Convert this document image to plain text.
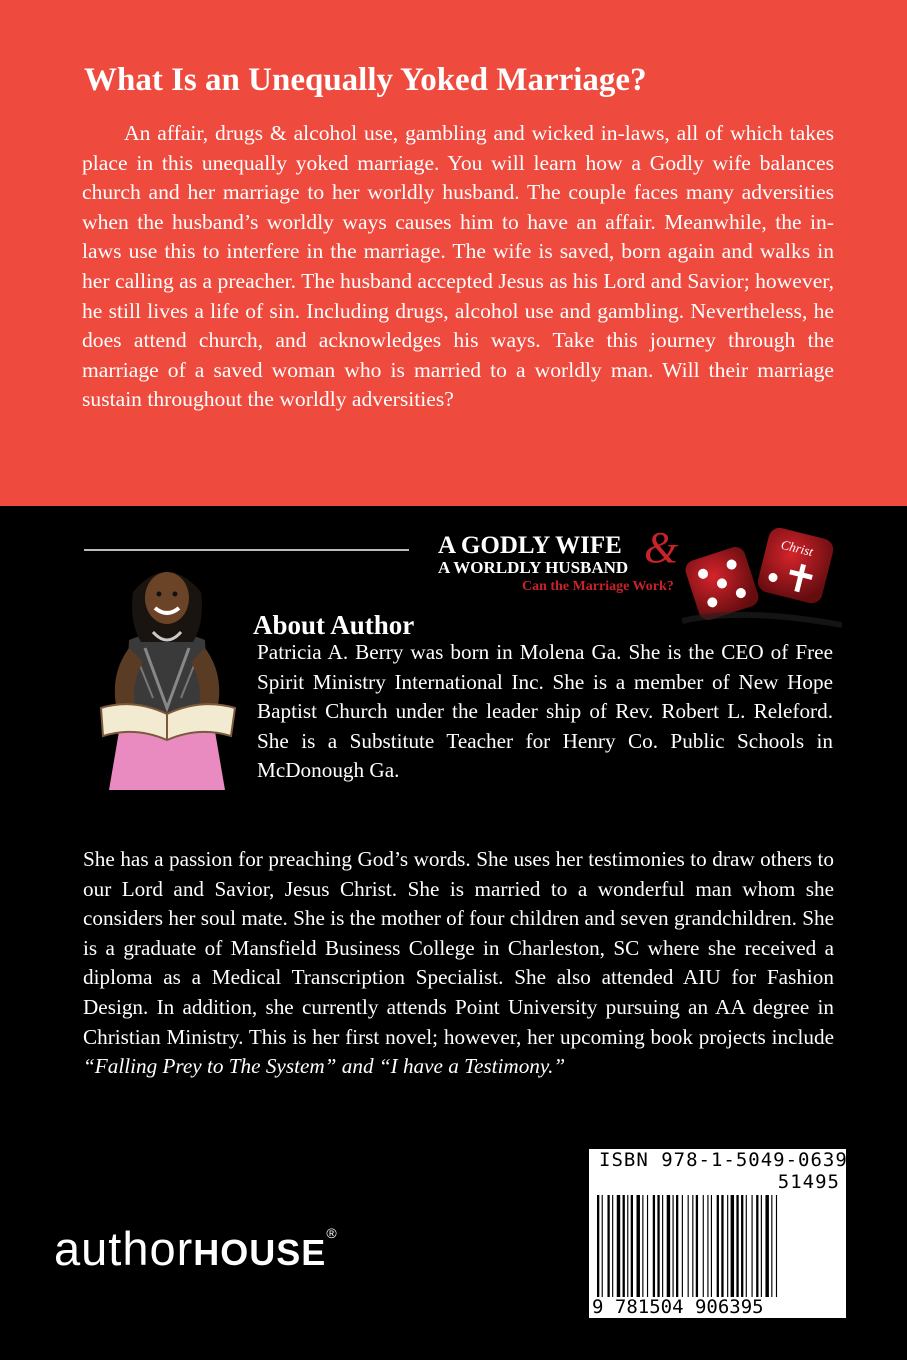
What Is an Unequally Yoked Marriage?

An affair, drugs & alcohol use, gambling and wicked in-laws, all of which takes place in this unequally yoked marriage. You will learn how a Godly wife balances church and her marriage to her worldly husband. The couple faces many adversities when the husband’s worldly ways causes him to have an affair. Meanwhile, the in-laws use this to interfere in the marriage. The wife is saved, born again and walks in her calling as a preacher. The husband accepted Jesus as his Lord and Savior; however, he still lives a life of sin. Including drugs, alcohol use and gambling. Nevertheless, he does attend church, and acknowledges his ways. Take this journey through the marriage of a saved woman who is married to a worldly man. Will their marriage sustain throughout the worldly adversities?

A GODLY WIFE &
A WORLDLY HUSBAND
Can the Marriage Work?
Christ
About Author

Patricia A. Berry was born in Molena Ga. She is the CEO of Free Spirit Ministry International Inc. She is a member of New Hope Baptist Church under the leader ship of Rev. Robert L. Releford. She is a Substitute Teacher for Henry Co. Public Schools in McDonough Ga.

She has a passion for preaching God’s words. She uses her testimonies to draw others to our Lord and Savior, Jesus Christ. She is married to a wonderful man whom she considers her soul mate. She is the mother of four children and seven grandchildren. She is a graduate of Mansfield Business College in Charleston, SC where she received a diploma as a Medical Transcription Specialist. She also attended AIU for Fashion Design. In addition, she currently attends Point University pursuing an AA degree in Christian Ministry. This is her first novel; however, her upcoming book projects include “Falling Prey to The System” and “I have a Testimony.”

ISBN 978-1-5049-0639-5
51495
9 781504 906395
authorHOUSE®
